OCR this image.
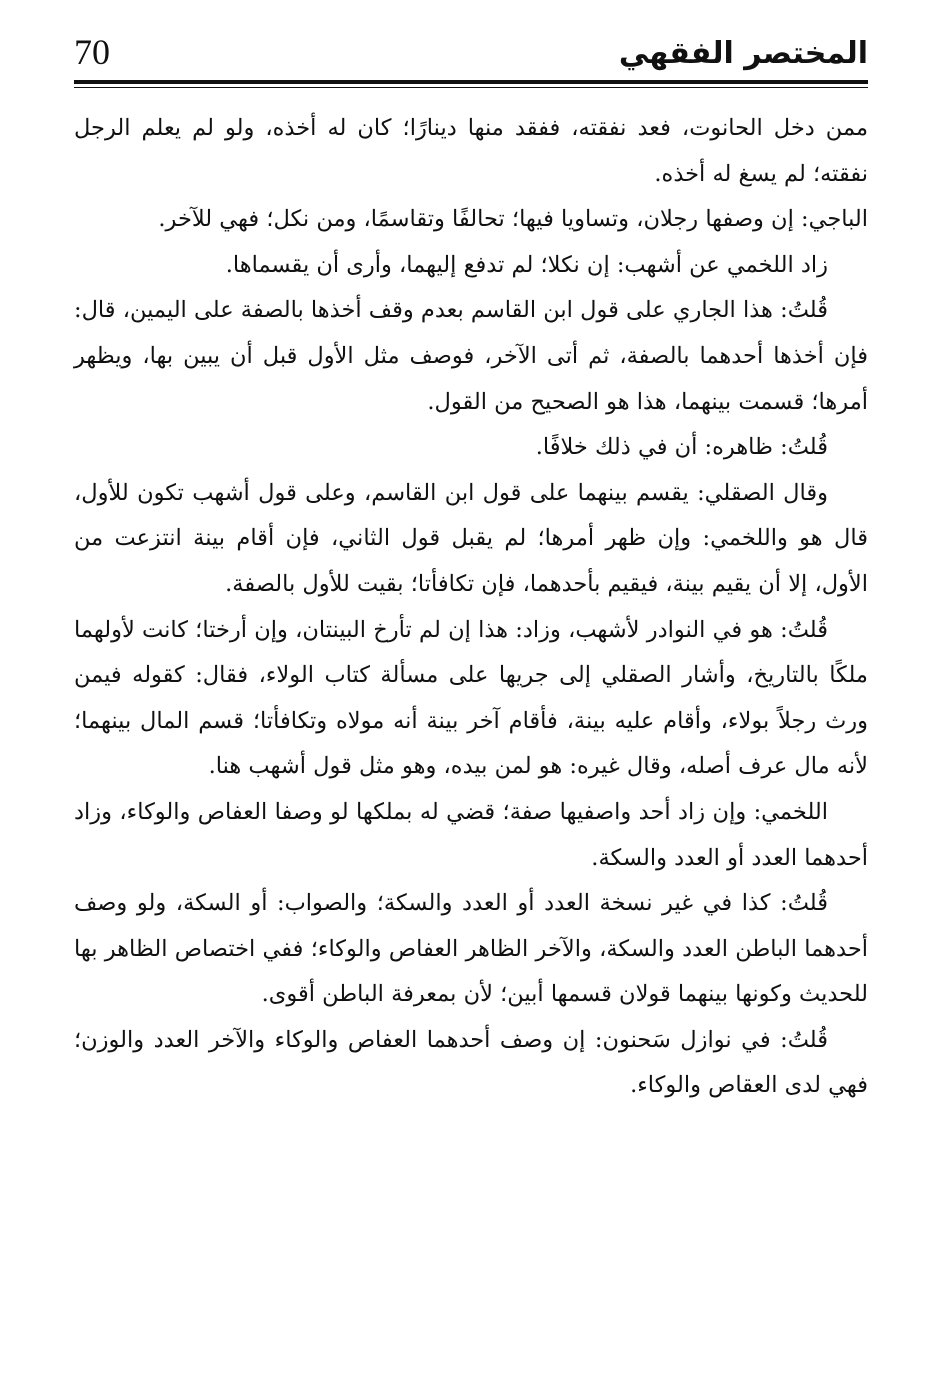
المختصر الفقهي
70

ممن دخل الحانوت، فعد نفقته، ففقد منها دينارًا؛ كان له أخذه، ولو لم يعلم الرجل نفقته؛ لم يسغ له أخذه.

الباجي: إن وصفها رجلان، وتساويا فيها؛ تحالفًا وتقاسمًا، ومن نكل؛ فهي للآخر.

زاد اللخمي عن أشهب: إن نكلا؛ لم تدفع إليهما، وأرى أن يقسماها.

قُلتُ: هذا الجاري على قول ابن القاسم بعدم وقف أخذها بالصفة على اليمين، قال: فإن أخذها أحدهما بالصفة، ثم أتى الآخر، فوصف مثل الأول قبل أن يبين بها، ويظهر أمرها؛ قسمت بينهما، هذا هو الصحيح من القول.

قُلتُ: ظاهره: أن في ذلك خلافًا.

وقال الصقلي: يقسم بينهما على قول ابن القاسم، وعلى قول أشهب تكون للأول، قال هو واللخمي: وإن ظهر أمرها؛ لم يقبل قول الثاني، فإن أقام بينة انتزعت من الأول، إلا أن يقيم بينة، فيقيم بأحدهما، فإن تكافأتا؛ بقيت للأول بالصفة.

قُلتُ: هو في النوادر لأشهب، وزاد: هذا إن لم تأرخ البينتان، وإن أرختا؛ كانت لأولهما ملكًا بالتاريخ، وأشار الصقلي إلى جريها على مسألة كتاب الولاء، فقال: كقوله فيمن ورث رجلاً بولاء، وأقام عليه بينة، فأقام آخر بينة أنه مولاه وتكافأتا؛ قسم المال بينهما؛ لأنه مال عرف أصله، وقال غيره: هو لمن بيده، وهو مثل قول أشهب هنا.

اللخمي: وإن زاد أحد واصفيها صفة؛ قضي له بملكها لو وصفا العفاص والوكاء، وزاد أحدهما العدد أو العدد والسكة.

قُلتُ: كذا في غير نسخة العدد أو العدد والسكة؛ والصواب: أو السكة، ولو وصف أحدهما الباطن العدد والسكة، والآخر الظاهر العفاص والوكاء؛ ففي اختصاص الظاهر بها للحديث وكونها بينهما قولان قسمها أبين؛ لأن بمعرفة الباطن أقوى.

قُلتُ: في نوازل سَحنون: إن وصف أحدهما العفاص والوكاء والآخر العدد والوزن؛ فهي لدى العقاص والوكاء.
